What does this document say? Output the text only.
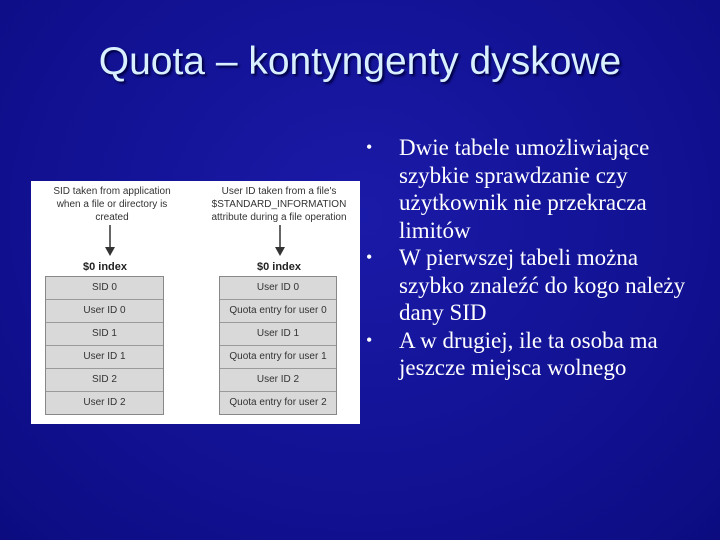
Quota – kontyngenty dyskowe
SID taken from application when a file or directory is created
User ID taken from a file's $STANDARD_INFORMATION attribute during a file operation
$0 index	$0 index
SID 0
User ID 0
SID 1
User ID 1
SID 2
User ID 2
User ID 0
Quota entry for user 0
User ID 1
Quota entry for user 1
User ID 2
Quota entry for user 2
• Dwie tabele umożliwiające szybkie sprawdzanie czy użytkownik nie przekracza limitów
• W pierwszej tabeli można szybko znaleźć do kogo należy dany SID
• A w drugiej, ile ta osoba ma jeszcze miejsca wolnego
